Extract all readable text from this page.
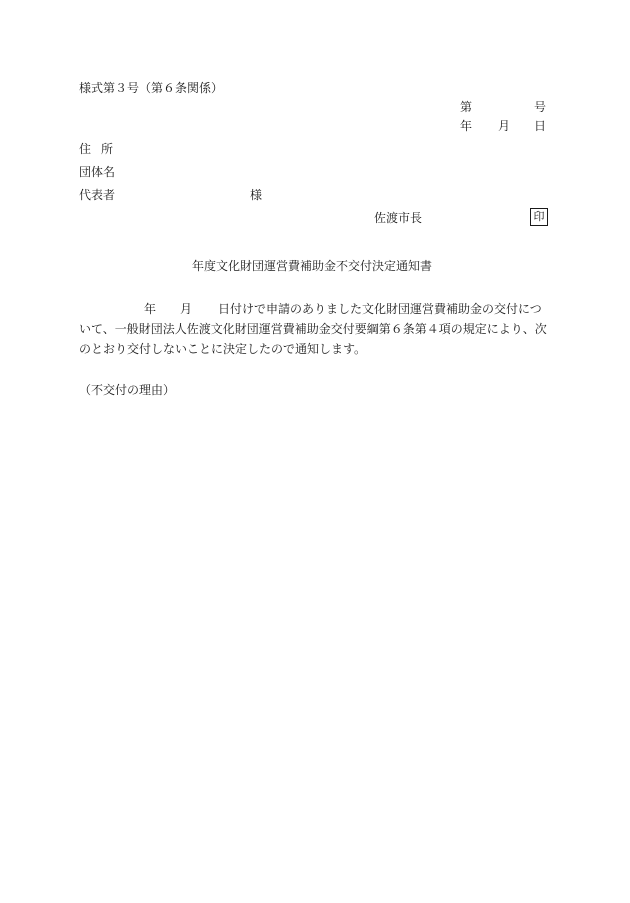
様式第３号（第６条関係）
第	号
年 月 日
住所
団体名
代表者	様
佐渡市長	印
年度文化財団運営費補助金不交付決定通知書
年 月 日付けで申請のありました文化財団運営費補助金の交付につ
いて、一般財団法人佐渡文化財団運営費補助金交付要綱第６条第４項の規定により、次
のとおり交付しないことに決定したので通知します。
（不交付の理由）
